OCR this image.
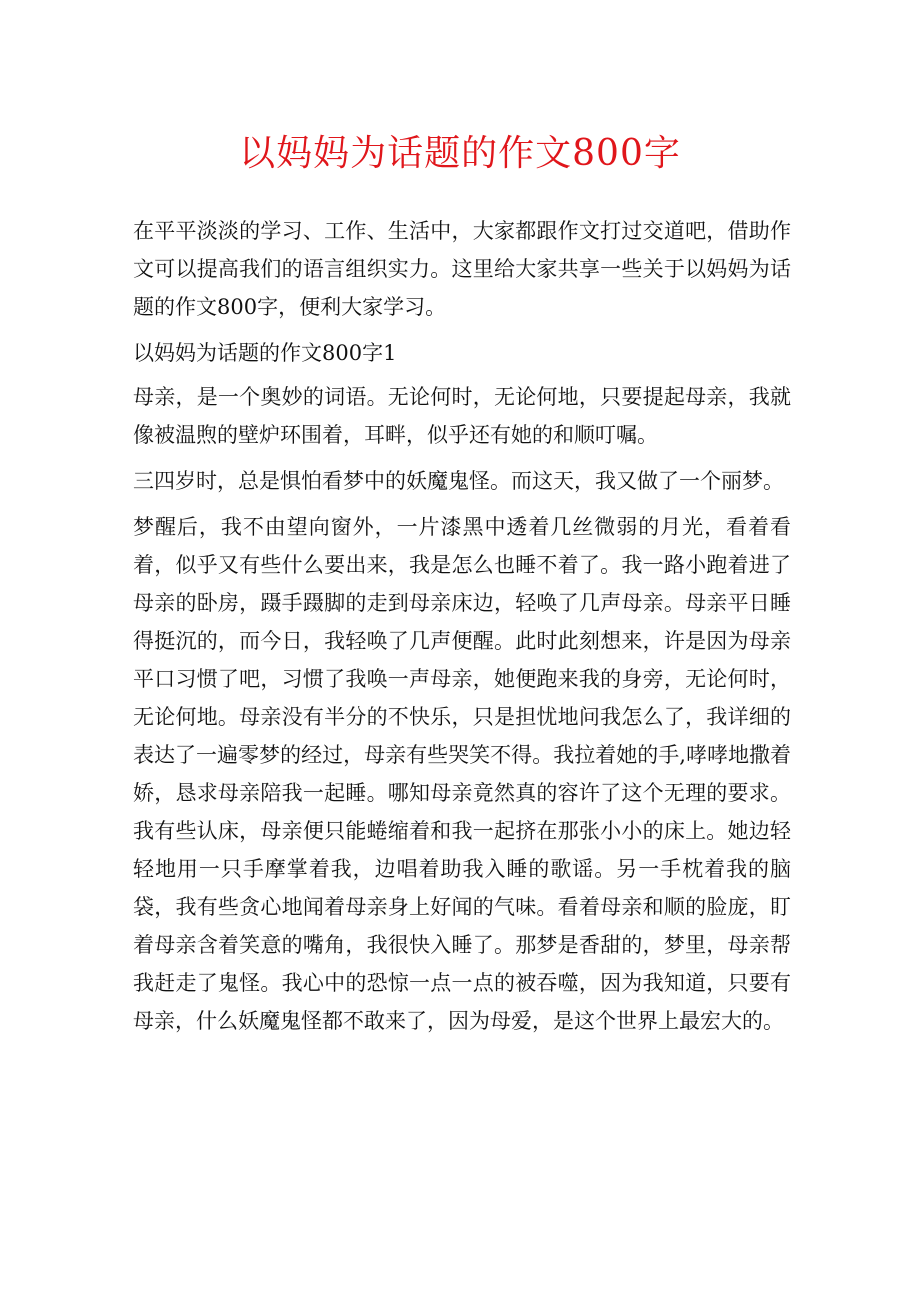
以妈妈为话题的作文800字

在平平淡淡的学习、工作、生活中，大家都跟作文打过交道吧，借助作文可以提高我们的语言组织实力。这里给大家共享一些关于以妈妈为话题的作文800字，便利大家学习。

以妈妈为话题的作文800字1

母亲，是一个奥妙的词语。无论何时，无论何地，只要提起母亲，我就像被温煦的壁炉环围着，耳畔，似乎还有她的和顺叮嘱。

三四岁时，总是惧怕看梦中的妖魔鬼怪。而这天，我又做了一个丽梦。

梦醒后，我不由望向窗外，一片漆黑中透着几丝微弱的月光，看着看着，似乎又有些什么要出来，我是怎么也睡不着了。我一路小跑着进了母亲的卧房，蹑手蹑脚的走到母亲床边，轻唤了几声母亲。母亲平日睡得挺沉的，而今日，我轻唤了几声便醒。此时此刻想来，许是因为母亲平口习惯了吧，习惯了我唤一声母亲，她便跑来我的身旁，无论何时，无论何地。母亲没有半分的不快乐，只是担忧地问我怎么了，我详细的表达了一遍零梦的经过，母亲有些哭笑不得。我拉着她的手,哮哮地撒着娇，恳求母亲陪我一起睡。哪知母亲竟然真的容许了这个无理的要求。我有些认床，母亲便只能蜷缩着和我一起挤在那张小小的床上。她边轻轻地用一只手摩掌着我，边唱着助我入睡的歌谣。另一手枕着我的脑袋，我有些贪心地闻着母亲身上好闻的气味。看着母亲和顺的脸庞，盯着母亲含着笑意的嘴角，我很快入睡了。那梦是香甜的，梦里，母亲帮我赶走了鬼怪。我心中的恐惊一点一点的被吞噬，因为我知道，只要有母亲，什么妖魔鬼怪都不敢来了，因为母爱，是这个世界上最宏大的。
